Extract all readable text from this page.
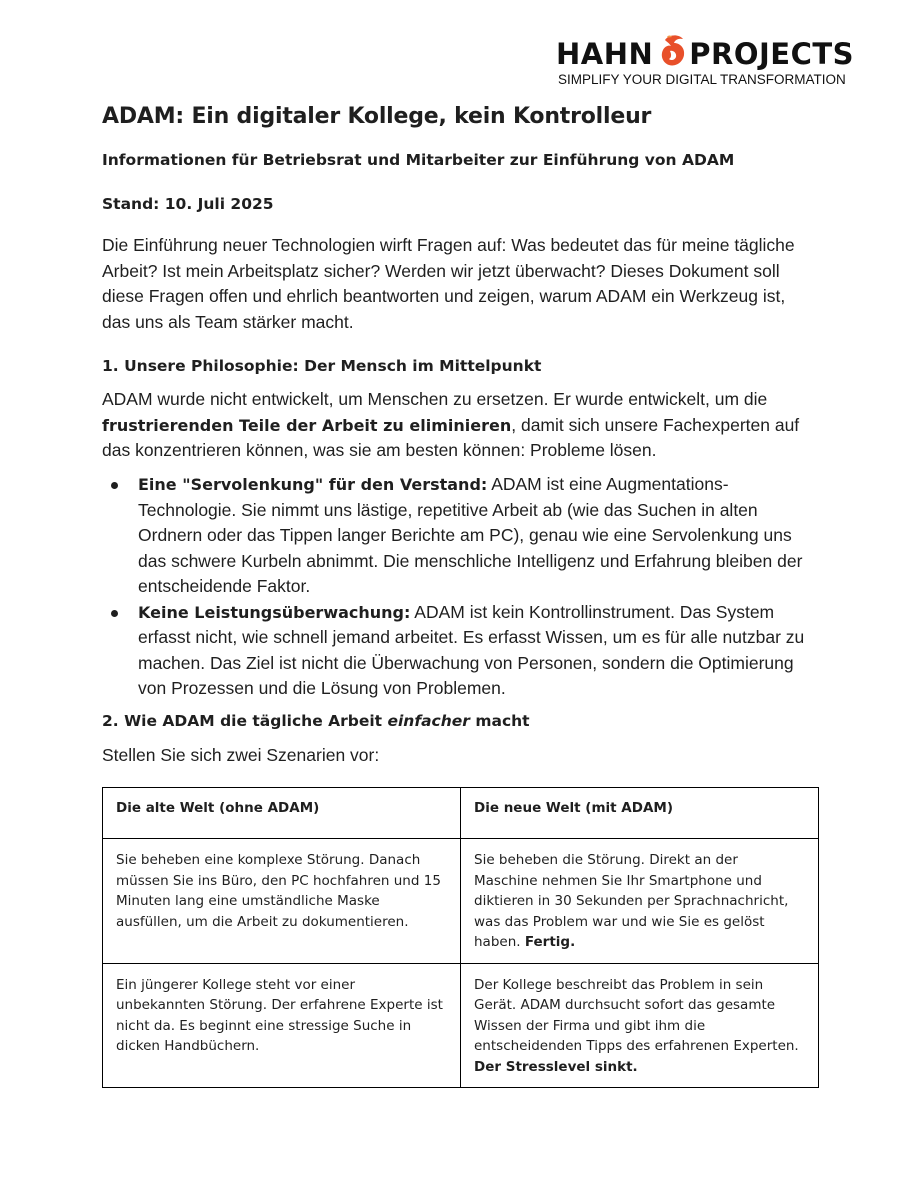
HAHN PROJECTS
SIMPLIFY YOUR DIGITAL TRANSFORMATION
ADAM: Ein digitaler Kollege, kein Kontrolleur
Informationen für Betriebsrat und Mitarbeiter zur Einführung von ADAM
Stand: 10. Juli 2025
Die Einführung neuer Technologien wirft Fragen auf: Was bedeutet das für meine tägliche Arbeit? Ist mein Arbeitsplatz sicher? Werden wir jetzt überwacht? Dieses Dokument soll diese Fragen offen und ehrlich beantworten und zeigen, warum ADAM ein Werkzeug ist, das uns als Team stärker macht.
1. Unsere Philosophie: Der Mensch im Mittelpunkt
ADAM wurde nicht entwickelt, um Menschen zu ersetzen. Er wurde entwickelt, um die frustrierenden Teile der Arbeit zu eliminieren, damit sich unsere Fachexperten auf das konzentrieren können, was sie am besten können: Probleme lösen.
Eine "Servolenkung" für den Verstand: ADAM ist eine Augmentations-Technologie. Sie nimmt uns lästige, repetitive Arbeit ab (wie das Suchen in alten Ordnern oder das Tippen langer Berichte am PC), genau wie eine Servolenkung uns das schwere Kurbeln abnimmt. Die menschliche Intelligenz und Erfahrung bleiben der entscheidende Faktor.
Keine Leistungsüberwachung: ADAM ist kein Kontrollinstrument. Das System erfasst nicht, wie schnell jemand arbeitet. Es erfasst Wissen, um es für alle nutzbar zu machen. Das Ziel ist nicht die Überwachung von Personen, sondern die Optimierung von Prozessen und die Lösung von Problemen.
2. Wie ADAM die tägliche Arbeit einfacher macht
Stellen Sie sich zwei Szenarien vor:
Die alte Welt (ohne ADAM)	Die neue Welt (mit ADAM)
Sie beheben eine komplexe Störung. Danach müssen Sie ins Büro, den PC hochfahren und 15 Minuten lang eine umständliche Maske ausfüllen, um die Arbeit zu dokumentieren.	Sie beheben die Störung. Direkt an der Maschine nehmen Sie Ihr Smartphone und diktieren in 30 Sekunden per Sprachnachricht, was das Problem war und wie Sie es gelöst haben. Fertig.
Ein jüngerer Kollege steht vor einer unbekannten Störung. Der erfahrene Experte ist nicht da. Es beginnt eine stressige Suche in dicken Handbüchern.	Der Kollege beschreibt das Problem in sein Gerät. ADAM durchsucht sofort das gesamte Wissen der Firma und gibt ihm die entscheidenden Tipps des erfahrenen Experten. Der Stresslevel sinkt.
